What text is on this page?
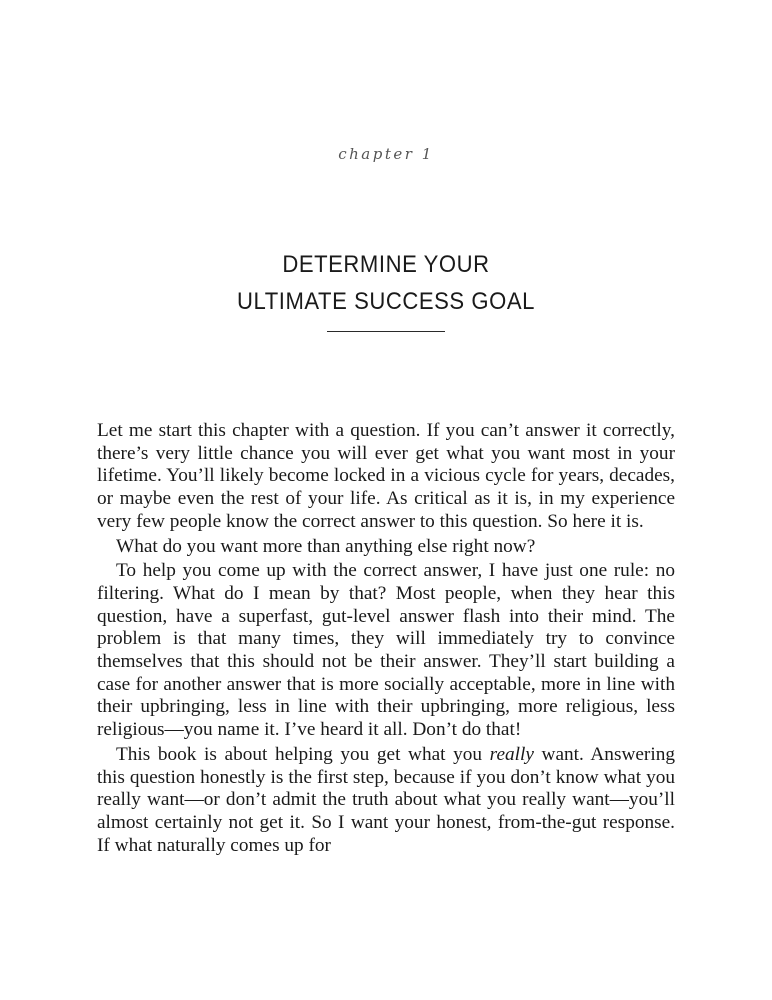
chapter 1
DETERMINE YOUR
ULTIMATE SUCCESS GOAL

Let me start this chapter with a question. If you can’t answer it correctly, there’s very little chance you will ever get what you want most in your lifetime. You’ll likely become locked in a vicious cycle for years, decades, or maybe even the rest of your life. As critical as it is, in my experience very few people know the correct answer to this question. So here it is.

What do you want more than anything else right now?

To help you come up with the correct answer, I have just one rule: no filtering. What do I mean by that? Most people, when they hear this question, have a superfast, gut-level answer flash into their mind. The problem is that many times, they will immediately try to convince themselves that this should not be their answer. They’ll start building a case for another answer that is more socially acceptable, more in line with their upbringing, less in line with their upbringing, more religious, less religious—you name it. I’ve heard it all. Don’t do that!

This book is about helping you get what you really want. Answering this question honestly is the first step, because if you don’t know what you really want—or don’t admit the truth about what you really want—you’ll almost certainly not get it. So I want your honest, from-the-gut response. If what naturally comes up for
